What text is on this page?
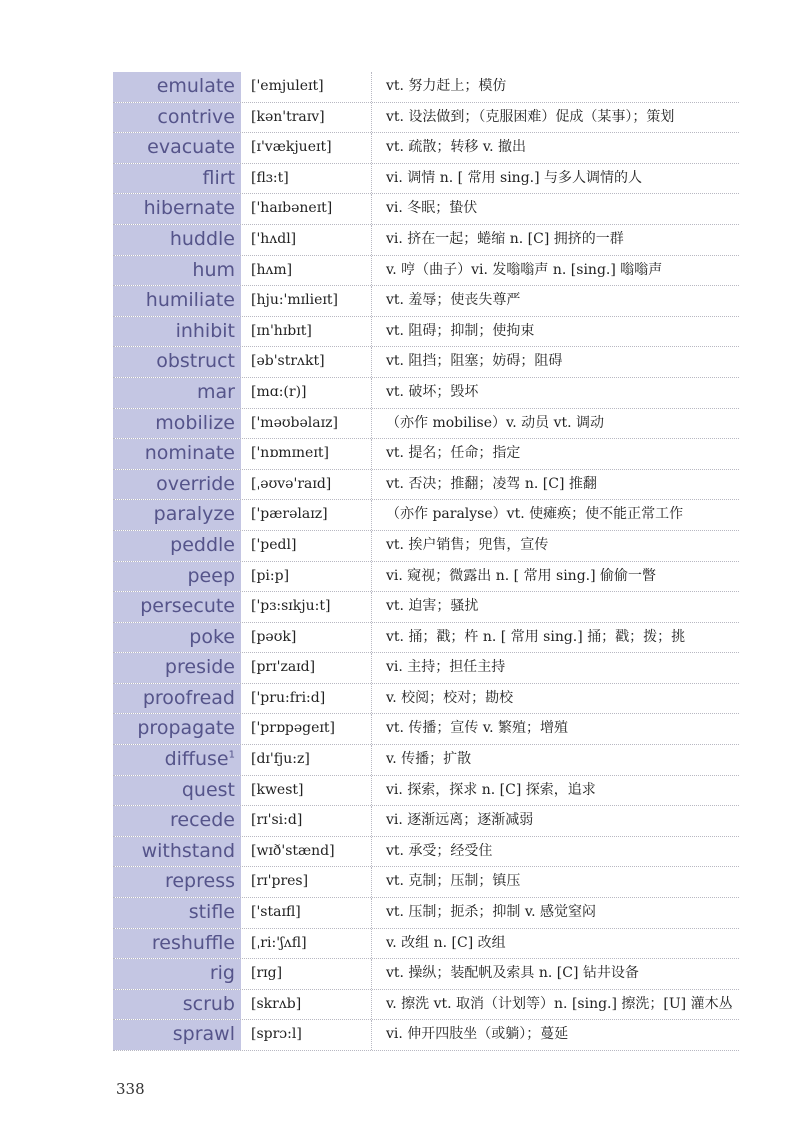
emulate	['emjuleɪt]	vt. 努力赶上；模仿
contrive	[kən'traɪv]	vt. 设法做到；（克服困难）促成（某事）；策划
evacuate	[ɪ'vækjueɪt]	vt. 疏散；转移 v. 撤出
flirt	[flɜ:t]	vi. 调情 n. [ 常用 sing.] 与多人调情的人
hibernate	['haɪbəneɪt]	vi. 冬眠；蛰伏
huddle	['hʌdl]	vi. 挤在一起；蜷缩 n. [C] 拥挤的一群
hum	[hʌm]	v. 哼（曲子）vi. 发嗡嗡声 n. [sing.] 嗡嗡声
humiliate	[hju:'mɪlieɪt]	vt. 羞辱；使丧失尊严
inhibit	[ɪn'hɪbɪt]	vt. 阻碍；抑制；使拘束
obstruct	[əb'strʌkt]	vt. 阻挡；阻塞；妨碍；阻碍
mar	[mɑ:(r)]	vt. 破坏；毁坏
mobilize	['məʊbəlaɪz]	（亦作 mobilise）v. 动员 vt. 调动
nominate	['nɒmɪneɪt]	vt. 提名；任命；指定
override	[ˌəʊvə'raɪd]	vt. 否决；推翻；凌驾 n. [C] 推翻
paralyze	['pærəlaɪz]	（亦作 paralyse）vt. 使瘫痪；使不能正常工作
peddle	['pedl]	vt. 挨户销售；兜售，宣传
peep	[pi:p]	vi. 窥视；微露出 n. [ 常用 sing.] 偷偷一瞥
persecute	['pɜ:sɪkju:t]	vt. 迫害；骚扰
poke	[pəʊk]	vt. 捅；戳；杵 n. [ 常用 sing.] 捅；戳；拨；挑
preside	[prɪ'zaɪd]	vi. 主持；担任主持
proofread	['pru:fri:d]	v. 校阅；校对；勘校
propagate	['prɒpəgeɪt]	vt. 传播；宣传 v. 繁殖；增殖
diffuse$^1$	[dɪ'fju:z]	v. 传播；扩散
quest	[kwest]	vi. 探索，探求 n. [C] 探索，追求
recede	[rɪ'si:d]	vi. 逐渐远离；逐渐减弱
withstand	[wɪð'stænd]	vt. 承受；经受住
repress	[rɪ'pres]	vt. 克制；压制；镇压
stifle	['staɪfl]	vt. 压制；扼杀；抑制 v. 感觉窒闷
reshuffle	[ˌri:'ʃʌfl]	v. 改组 n. [C] 改组
rig	[rɪg]	vt. 操纵；装配帆及索具 n. [C] 钻井设备
scrub	[skrʌb]	v. 擦洗 vt. 取消（计划等）n. [sing.] 擦洗；[U] 灌木丛
sprawl	[sprɔ:l]	vi. 伸开四肢坐（或躺）；蔓延
338
